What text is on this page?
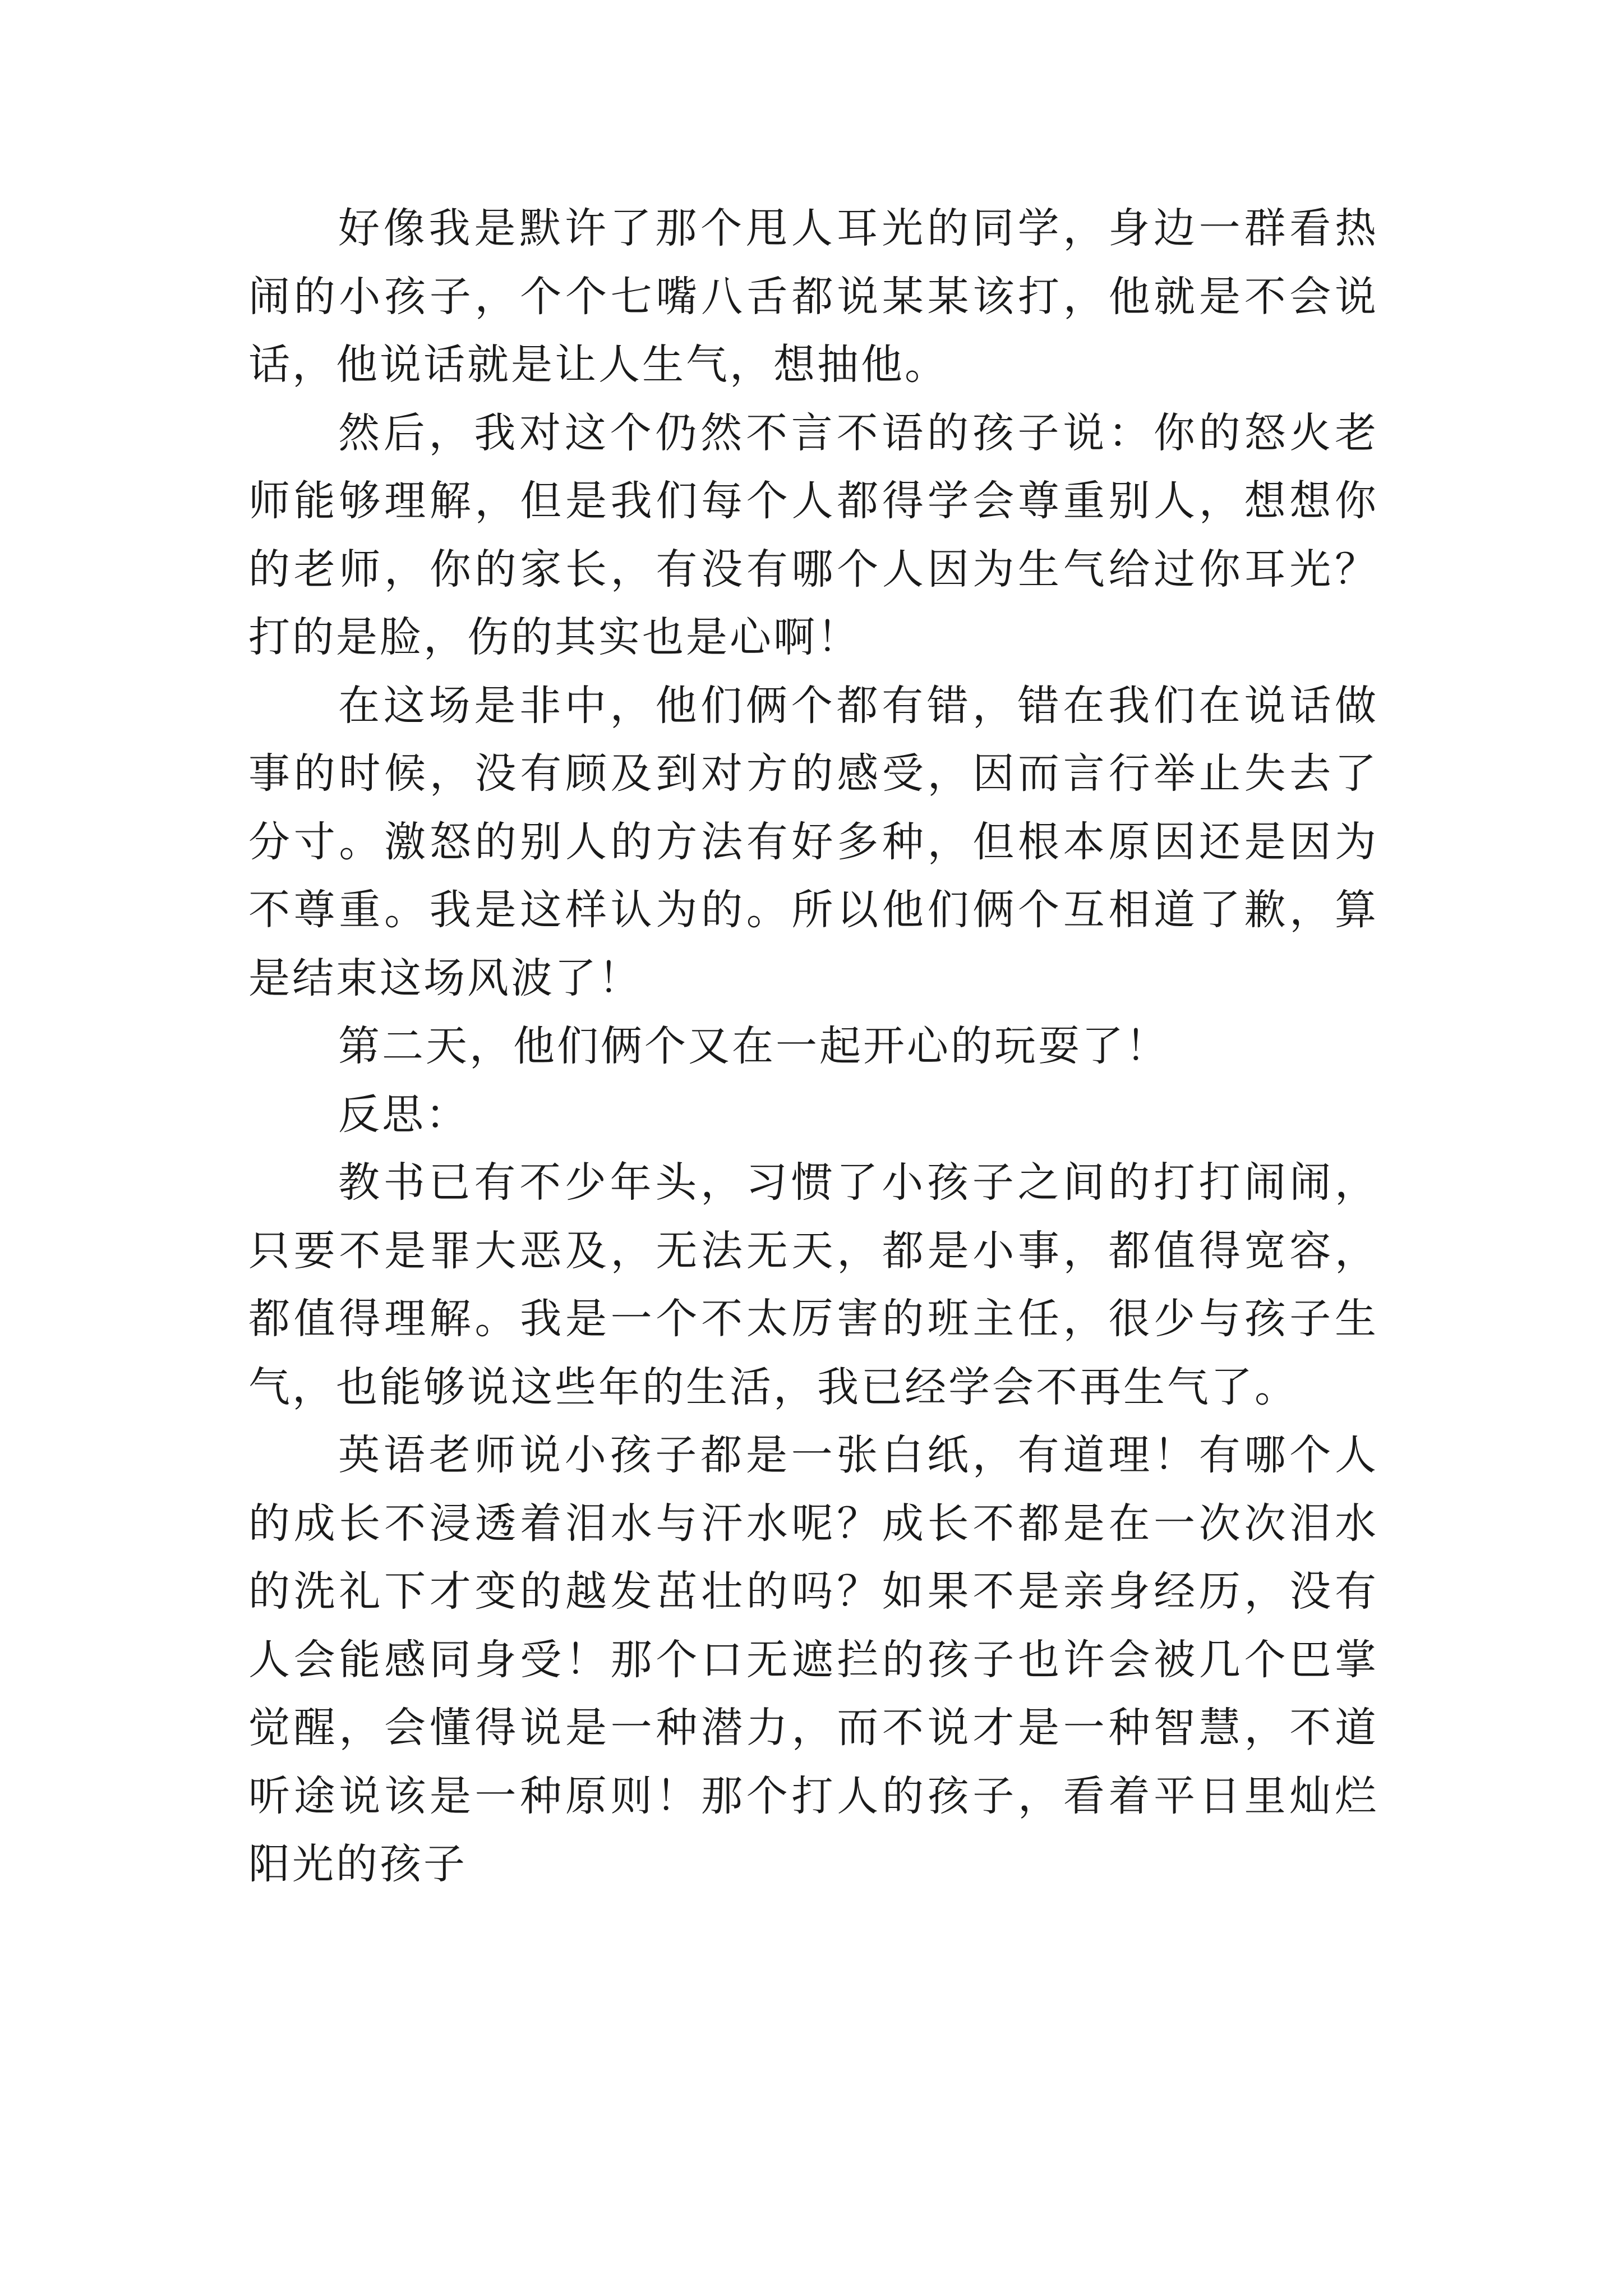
好像我是默许了那个甩人耳光的同学，身边一群看热闹的小孩子，个个七嘴八舌都说某某该打，他就是不会说话，他说话就是让人生气，想抽他。

然后，我对这个仍然不言不语的孩子说：你的怒火老师能够理解，但是我们每个人都得学会尊重别人，想想你的老师，你的家长，有没有哪个人因为生气给过你耳光？打的是脸，伤的其实也是心啊！

在这场是非中，他们俩个都有错，错在我们在说话做事的时候，没有顾及到对方的感受，因而言行举止失去了分寸。激怒的别人的方法有好多种，但根本原因还是因为不尊重。我是这样认为的。所以他们俩个互相道了歉，算是结束这场风波了！

第二天，他们俩个又在一起开心的玩耍了！

反思：

教书已有不少年头，习惯了小孩子之间的打打闹闹，只要不是罪大恶及，无法无天，都是小事，都值得宽容，都值得理解。我是一个不太厉害的班主任，很少与孩子生气，也能够说这些年的生活，我已经学会不再生气了。

英语老师说小孩子都是一张白纸，有道理！有哪个人的成长不浸透着泪水与汗水呢？成长不都是在一次次泪水的洗礼下才变的越发茁壮的吗？如果不是亲身经历，没有人会能感同身受！那个口无遮拦的孩子也许会被几个巴掌觉醒，会懂得说是一种潜力，而不说才是一种智慧，不道听途说该是一种原则！那个打人的孩子，看着平日里灿烂阳光的孩子
